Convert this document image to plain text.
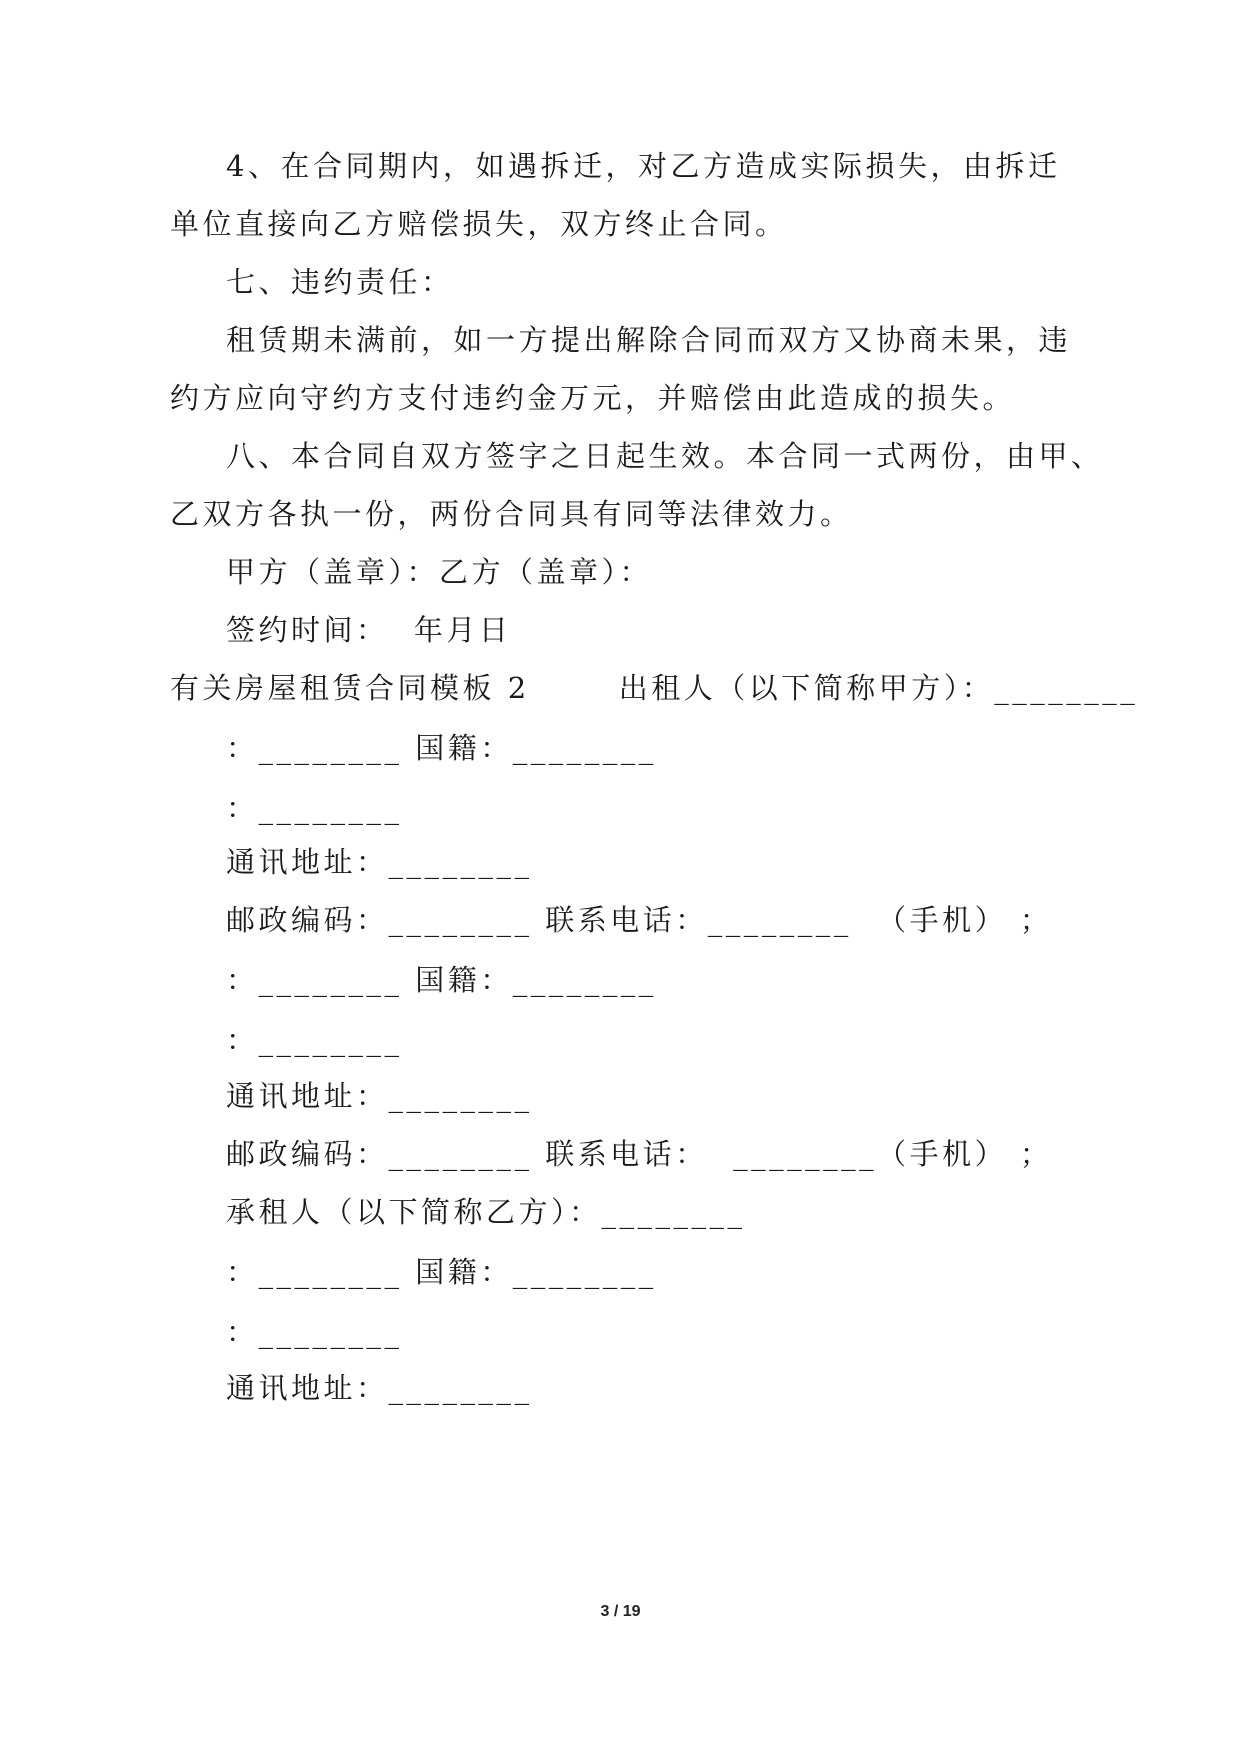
4、在合同期内，如遇拆迁，对乙方造成实际损失，由拆迁
单位直接向乙方赔偿损失，双方终止合同。
七、违约责任：
租赁期未满前，如一方提出解除合同而双方又协商未果，违
约方应向守约方支付违约金万元，并赔偿由此造成的损失。
八、本合同自双方签字之日起生效。本合同一式两份，由甲、
乙双方各执一份，两份合同具有同等法律效力。
甲方（盖章）：乙方（盖章）：
签约时间：  年月日
有关房屋租赁合同模板 2       出租人（以下简称甲方）：________
：________ 国籍：________
：________
通讯地址：________
邮政编码：________ 联系电话：________  （手机） ；
：________ 国籍：________
：________
通讯地址：________
邮政编码：________ 联系电话：  ________（手机） ；
承租人（以下简称乙方）：________
：________ 国籍：________
：________
通讯地址：________
3 / 19
